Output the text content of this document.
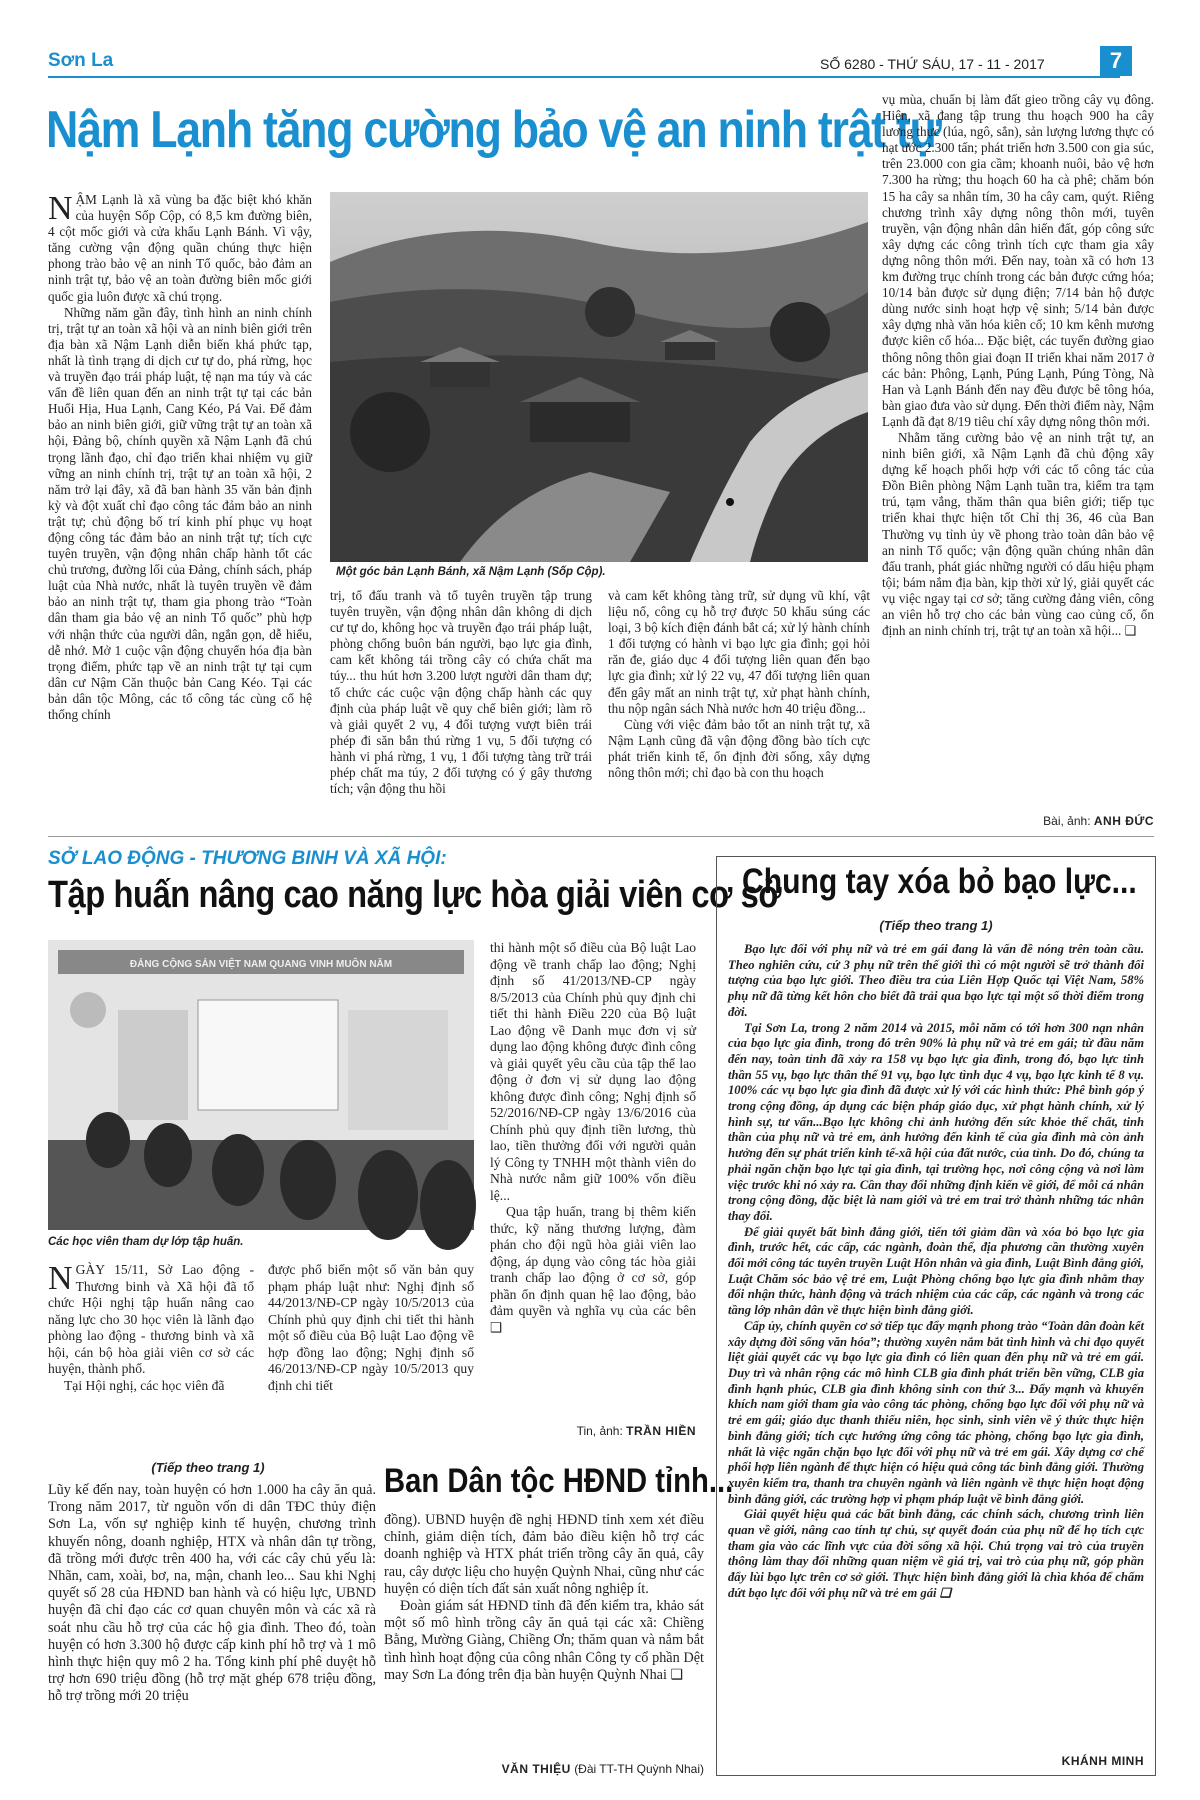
Sơn La	SỐ 6280 - THỨ SÁU, 17 - 11 - 2017	7
Nậm Lạnh tăng cường bảo vệ an ninh trật tự
N ẬM Lạnh là xã vùng ba đặc biệt khó khăn của huyện Sốp Cộp, có 8,5 km đường biên, 4 cột mốc giới và cửa khẩu Lạnh Bánh. Vì vậy, tăng cường vận động quần chúng thực hiện phong trào bảo vệ an ninh Tổ quốc, bảo đảm an ninh trật tự, bảo vệ an toàn đường biên mốc giới quốc gia luôn được xã chú trọng.

Những năm gần đây, tình hình an ninh chính trị, trật tự an toàn xã hội và an ninh biên giới trên địa bàn xã Nậm Lạnh diễn biến khá phức tạp, nhất là tình trạng di dịch cư tự do, phá rừng, học và truyền đạo trái pháp luật, tệ nạn ma túy và các vấn đề liên quan đến an ninh trật tự tại các bản Huổi Hịa, Hua Lạnh, Cang Kéo, Pá Vai. Để đảm bảo an ninh biên giới, giữ vững trật tự an toàn xã hội, Đảng bộ, chính quyền xã Nậm Lạnh đã chú trọng lãnh đạo, chỉ đạo triển khai nhiệm vụ giữ vững an ninh chính trị, trật tự an toàn xã hội, 2 năm trở lại đây, xã đã ban hành 35 văn bản định kỳ và đột xuất chỉ đạo công tác đảm bảo an ninh trật tự; chủ động bố trí kinh phí phục vụ hoạt động công tác đảm bảo an ninh trật tự; tích cực tuyên truyền, vận động nhân chấp hành tốt các chủ trương, đường lối của Đảng, chính sách, pháp luật của Nhà nước, nhất là tuyên truyền về đảm bảo an ninh trật tự, tham gia phong trào “Toàn dân tham gia bảo vệ an ninh Tổ quốc” phù hợp với nhận thức của người dân, ngắn gọn, dễ hiểu, dễ nhớ. Mở 1 cuộc vận động chuyển hóa địa bàn trọng điểm, phức tạp về an ninh trật tự tại cụm dân cư Nậm Căn thuộc bản Cang Kéo. Tại các bản dân tộc Mông, các tổ công tác cùng cố hệ thống chính

Một góc bản Lạnh Bánh, xã Nậm Lạnh (Sốp Cộp).

trị, tổ đấu tranh và tổ tuyên truyền tập trung tuyên truyền, vận động nhân dân không di dịch cư tự do, không học và truyền đạo trái pháp luật, phòng chống buôn bán người, bạo lực gia đình, cam kết không tái trồng cây có chứa chất ma túy... thu hút hơn 3.200 lượt người dân tham dự; tổ chức các cuộc vận động chấp hành các quy định của pháp luật về quy chế biên giới; làm rõ và giải quyết 2 vụ, 4 đối tượng vượt biên trái phép đi săn bắn thú rừng 1 vụ, 5 đối tượng có hành vi phá rừng, 1 vụ, 1 đối tượng tàng trữ trái phép chất ma túy, 2 đối tượng có ý gây thương tích; vận động thu hồi

và cam kết không tàng trữ, sử dụng vũ khí, vật liệu nổ, công cụ hỗ trợ được 50 khẩu súng các loại, 3 bộ kích điện đánh bắt cá; xử lý hành chính 1 đối tượng có hành vi bạo lực gia đình; gọi hỏi răn đe, giáo dục 4 đối tượng liên quan đến bạo lực gia đình; xử lý 22 vụ, 47 đối tượng liên quan đến gây mất an ninh trật tự, xử phạt hành chính, thu nộp ngân sách Nhà nước hơn 40 triệu đồng...

Cùng với việc đảm bảo tốt an ninh trật tự, xã Nậm Lạnh cũng đã vận động đồng bào tích cực phát triển kinh tế, ổn định đời sống, xây dựng nông thôn mới; chỉ đạo bà con thu hoạch

vụ mùa, chuẩn bị làm đất gieo trồng cây vụ đông. Hiện, xã đang tập trung thu hoạch 900 ha cây lương thực (lúa, ngô, sắn), sản lượng lương thực có hạt ước 2.300 tấn; phát triển hơn 3.500 con gia súc, trên 23.000 con gia cầm; khoanh nuôi, bảo vệ hơn 7.300 ha rừng; thu hoạch 60 ha cà phê; chăm bón 15 ha cây sa nhân tím, 30 ha cây cam, quýt. Riêng chương trình xây dựng nông thôn mới, tuyên truyền, vận động nhân dân hiến đất, góp công sức xây dựng các công trình tích cực tham gia xây dựng nông thôn mới. Đến nay, toàn xã có hơn 13 km đường trục chính trong các bản được cứng hóa; 10/14 bản được sử dụng điện; 7/14 bản hộ được dùng nước sinh hoạt hợp vệ sinh; 5/14 bản được xây dựng nhà văn hóa kiên cố; 10 km kênh mương được kiên cố hóa... Đặc biệt, các tuyến đường giao thông nông thôn giai đoạn II triển khai năm 2017 ở các bản: Phông, Lạnh, Púng Lạnh, Púng Tòng, Nà Han và Lạnh Bánh đến nay đều được bê tông hóa, bàn giao đưa vào sử dụng. Đến thời điểm này, Nậm Lạnh đã đạt 8/19 tiêu chí xây dựng nông thôn mới.

Nhằm tăng cường bảo vệ an ninh trật tự, an ninh biên giới, xã Nậm Lạnh đã chủ động xây dựng kế hoạch phối hợp với các tổ công tác của Đồn Biên phòng Nậm Lạnh tuần tra, kiểm tra tạm trú, tạm vắng, thăm thân qua biên giới; tiếp tục triển khai thực hiện tốt Chỉ thị 36, 46 của Ban Thường vụ tỉnh ủy về phong trào toàn dân bảo vệ an ninh Tổ quốc; vận động quần chúng nhân dân đấu tranh, phát giác những người có dấu hiệu phạm tội; bám nắm địa bàn, kịp thời xử lý, giải quyết các vụ việc ngay tại cơ sở; tăng cường đảng viên, công an viên hỗ trợ cho các bản vùng cao củng cố, ổn định an ninh chính trị, trật tự an toàn xã hội... ❑

Bài, ảnh: ANH ĐỨC
SỞ LAO ĐỘNG - THƯƠNG BINH VÀ XÃ HỘI:
Tập huấn nâng cao năng lực hòa giải viên cơ sở
ĐẢNG CỘNG SẢN VIỆT NAM QUANG VINH MUÔN NĂM
Các học viên tham dự lớp tập huấn.

thi hành một số điều của Bộ luật Lao động về tranh chấp lao động; Nghị định số 41/2013/NĐ-CP ngày 8/5/2013 của Chính phủ quy định chi tiết thi hành Điều 220 của Bộ luật Lao động về Danh mục đơn vị sử dụng lao động không được đình công và giải quyết yêu cầu của tập thể lao động ở đơn vị sử dụng lao động không được đình công; Nghị định số 52/2016/NĐ-CP ngày 13/6/2016 của Chính phủ quy định tiền lương, thù lao, tiền thưởng đối với người quản lý Công ty TNHH một thành viên do Nhà nước nắm giữ 100% vốn điều lệ...

Qua tập huấn, trang bị thêm kiến thức, kỹ năng thương lượng, đàm phán cho đội ngũ hòa giải viên lao động, áp dụng vào công tác hòa giải tranh chấp lao động ở cơ sở, góp phần ổn định quan hệ lao động, bảo đảm quyền và nghĩa vụ của các bên ❑

N GÀY 15/11, Sở Lao động - Thương binh và Xã hội đã tổ chức Hội nghị tập huấn nâng cao năng lực cho 30 học viên là lãnh đạo phòng lao động - thương binh và xã hội, cán bộ hòa giải viên cơ sở các huyện, thành phố.

Tại Hội nghị, các học viên đã

được phổ biến một số văn bản quy phạm pháp luật như: Nghị định số 44/2013/NĐ-CP ngày 10/5/2013 của Chính phủ quy định chi tiết thi hành một số điều của Bộ luật Lao động về hợp đồng lao động; Nghị định số 46/2013/NĐ-CP ngày 10/5/2013 quy định chi tiết

Tin, ảnh: TRẦN HIỀN
Chung tay xóa bỏ bạo lực...
(Tiếp theo trang 1)

Bạo lực đối với phụ nữ và trẻ em gái đang là vấn đề nóng trên toàn cầu. Theo nghiên cứu, cứ 3 phụ nữ trên thế giới thì có một người sẽ trở thành đối tượng của bạo lực giới. Theo điều tra của Liên Hợp Quốc tại Việt Nam, 58% phụ nữ đã từng kết hôn cho biết đã trải qua bạo lực tại một số thời điểm trong đời.

Tại Sơn La, trong 2 năm 2014 và 2015, mỗi năm có tới hơn 300 nạn nhân của bạo lực gia đình, trong đó trên 90% là phụ nữ và trẻ em gái; từ đầu năm đến nay, toàn tỉnh đã xảy ra 158 vụ bạo lực gia đình, trong đó, bạo lực tinh thần 55 vụ, bạo lực thân thể 91 vụ, bạo lực tình dục 4 vụ, bạo lực kinh tế 8 vụ. 100% các vụ bạo lực gia đình đã được xử lý với các hình thức: Phê bình góp ý trong cộng đồng, áp dụng các biện pháp giáo dục, xử phạt hành chính, xử lý hình sự, tư vấn...Bạo lực không chỉ ảnh hưởng đến sức khỏe thể chất, tinh thần của phụ nữ và trẻ em, ảnh hưởng đến kinh tế của gia đình mà còn ảnh hưởng đến sự phát triển kinh tế-xã hội của đất nước, của tỉnh. Do đó, chúng ta phải ngăn chặn bạo lực tại gia đình, tại trường học, nơi công cộng và nơi làm việc trước khi nó xảy ra. Cần thay đổi những định kiến về giới, để mỗi cá nhân trong cộng đồng, đặc biệt là nam giới và trẻ em trai trở thành những tác nhân thay đổi.

Để giải quyết bất bình đẳng giới, tiến tới giảm dần và xóa bỏ bạo lực gia đình, trước hết, các cấp, các ngành, đoàn thể, địa phương cần thường xuyên đổi mới công tác tuyên truyền Luật Hôn nhân và gia đình, Luật Bình đẳng giới, Luật Chăm sóc bảo vệ trẻ em, Luật Phòng chống bạo lực gia đình nhằm thay đổi nhận thức, hành động và trách nhiệm của các cấp, các ngành và trong các tầng lớp nhân dân về thực hiện bình đẳng giới.

Cấp ủy, chính quyền cơ sở tiếp tục đẩy mạnh phong trào “Toàn dân đoàn kết xây dựng đời sống văn hóa”; thường xuyên nắm bắt tình hình và chỉ đạo quyết liệt giải quyết các vụ bạo lực gia đình có liên quan đến phụ nữ và trẻ em gái. Duy trì và nhân rộng các mô hình CLB gia đình phát triển bền vững, CLB gia đình hạnh phúc, CLB gia đình không sinh con thứ 3... Đẩy mạnh và khuyến khích nam giới tham gia vào công tác phòng, chống bạo lực đối với phụ nữ và trẻ em gái; giáo dục thanh thiếu niên, học sinh, sinh viên về ý thức thực hiện bình đẳng giới; tích cực hướng ứng công tác phòng, chống bạo lực gia đình, nhất là việc ngăn chặn bạo lực đối với phụ nữ và trẻ em gái. Xây dựng cơ chế phối hợp liên ngành để thực hiện có hiệu quả công tác bình đẳng giới. Thường xuyên kiểm tra, thanh tra chuyên ngành và liên ngành về thực hiện hoạt động bình đẳng giới, các trường hợp vi phạm pháp luật về bình đẳng giới.

Giải quyết hiệu quả các bất bình đẳng, các chính sách, chương trình liên quan về giới, nâng cao tính tự chủ, sự quyết đoán của phụ nữ để họ tích cực tham gia vào các lĩnh vực của đời sống xã hội. Chú trọng vai trò của truyền thông làm thay đổi những quan niệm về giá trị, vai trò của phụ nữ, góp phần đẩy lùi bạo lực trên cơ sở giới. Thực hiện bình đẳng giới là chìa khóa để chấm dứt bạo lực đối với phụ nữ và trẻ em gái ❑

KHÁNH MINH
(Tiếp theo trang 1)

Lũy kế đến nay, toàn huyện có hơn 1.000 ha cây ăn quả. Trong năm 2017, từ nguồn vốn di dân TĐC thủy điện Sơn La, vốn sự nghiệp kinh tế huyện, chương trình khuyến nông, doanh nghiệp, HTX và nhân dân tự trồng, đã trồng mới được trên 400 ha, với các cây chủ yếu là: Nhãn, cam, xoài, bơ, na, mận, chanh leo... Sau khi Nghị quyết số 28 của HĐND ban hành và có hiệu lực, UBND huyện đã chỉ đạo các cơ quan chuyên môn và các xã rà soát nhu cầu hỗ trợ của các hộ gia đình. Theo đó, toàn huyện có hơn 3.300 hộ được cấp kinh phí hỗ trợ và 1 mô hình thực hiện quy mô 2 ha. Tổng kinh phí phê duyệt hỗ trợ hơn 690 triệu đồng (hỗ trợ mặt ghép 678 triệu đồng, hỗ trợ trồng mới 20 triệu

Ban Dân tộc HĐND tỉnh...

đồng). UBND huyện đề nghị HĐND tỉnh xem xét điều chỉnh, giảm diện tích, đảm bảo điều kiện hỗ trợ các doanh nghiệp và HTX phát triển trồng cây ăn quả, cây rau, cây dược liệu cho huyện Quỳnh Nhai, cũng như các huyện có diện tích đất sản xuất nông nghiệp ít.

Đoàn giám sát HĐND tỉnh đã đến kiểm tra, khảo sát một số mô hình trồng cây ăn quả tại các xã: Chiềng Bằng, Mường Giàng, Chiềng Ơn; thăm quan và nắm bắt tình hình hoạt động của công nhân Công ty cổ phần Dệt may Sơn La đóng trên địa bàn huyện Quỳnh Nhai ❑

VĂN THIỆU (Đài TT-TH Quỳnh Nhai)
